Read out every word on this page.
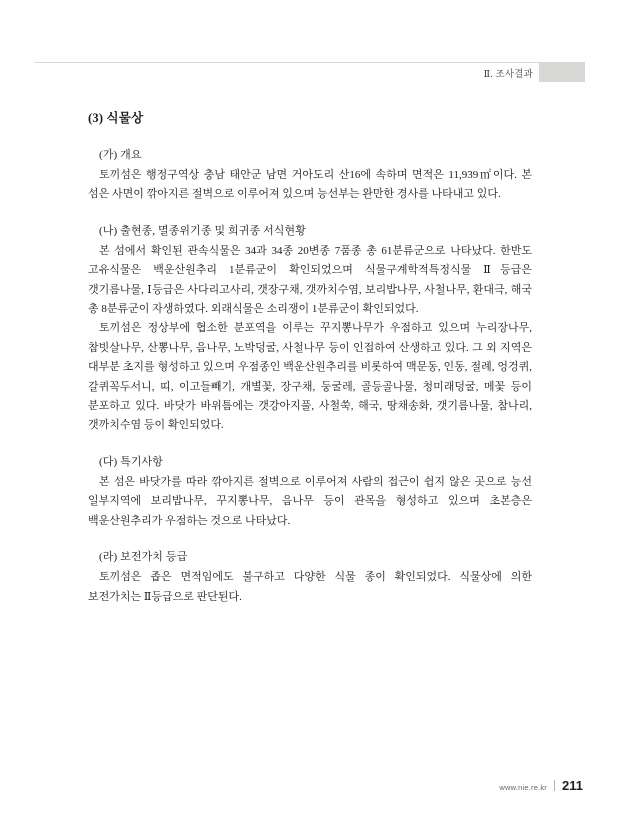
Ⅱ. 조사결과
(3) 식물상
(가) 개요

토끼섬은 행정구역상 충남 태안군 남면 거아도리 산16에 속하며 면적은 11,939㎡이다. 본 섬은 사면이 깎아지른 절벽으로 이루어져 있으며 능선부는 완만한 경사를 나타내고 있다.

(나) 출현종, 멸종위기종 및 희귀종 서식현황

본 섬에서 확인된 관속식물은 34과 34종 20변종 7품종 총 61분류군으로 나타났다. 한반도 고유식물은 백운산원추리 1분류군이 확인되었으며 식물구계학적특정식물 Ⅱ등급은 갯기름나물, Ⅰ등급은 사다리고사리, 갯장구채, 갯까치수염, 보리밥나무, 사철나무, 환대극, 해국 총 8분류군이 자생하였다. 외래식물은 소리쟁이 1분류군이 확인되었다.

토끼섬은 정상부에 협소한 분포역을 이루는 꾸지뽕나무가 우점하고 있으며 누리장나무, 참빗살나무, 산뽕나무, 음나무, 노박덩굴, 사철나무 등이 인접하여 산생하고 있다. 그 외 지역은 대부분 초지를 형성하고 있으며 우점종인 백운산원추리를 비롯하여 맥문동, 인동, 절례, 엉겅퀴, 갈퀴꼭두서니, 띠, 이고들빼기, 개별꽃, 장구채, 둥굴레, 골등골나물, 청미래덩굴, 메꽃 등이 분포하고 있다. 바닷가 바위틈에는 갯강아지풀, 사철쑥, 해국, 땅채송화, 갯기름나물, 참나리, 갯까치수염 등이 확인되었다.

(다) 특기사항

본 섬은 바닷가를 따라 깎아지른 절벽으로 이루어져 사람의 접근이 쉽지 않은 곳으로 능선 일부지역에 보리밥나무, 꾸지뽕나무, 음나무 등이 관목을 형성하고 있으며 초본층은 백운산원추리가 우점하는 것으로 나타났다.

(라) 보전가치 등급

토끼섬은 좁은 면적임에도 불구하고 다양한 식물 종이 확인되었다. 식물상에 의한 보전가치는 Ⅱ등급으로 판단된다.

www.nie.re.kr 211
